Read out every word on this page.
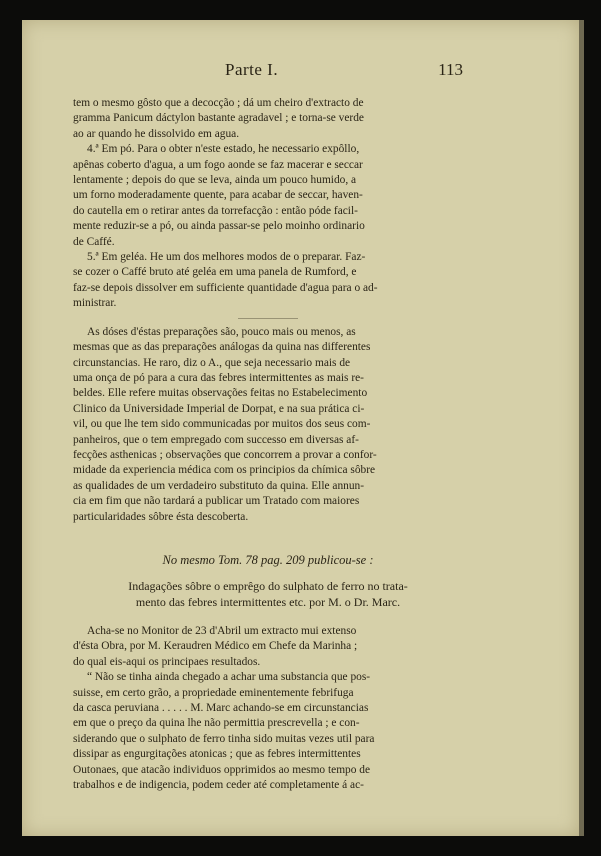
Parte I.	113

tem o mesmo gôsto que a decocção ; dá um cheiro d'extracto de
gramma Panicum dáctylon bastante agradavel ; e torna-se verde
ao ar quando he dissolvido em agua.

4.ª Em pó. Para o obter n'este estado, he necessario expôllo,
apênas coberto d'agua, a um fogo aonde se faz macerar e seccar
lentamente ; depois do que se leva, ainda um pouco humido, a
um forno moderadamente quente, para acabar de seccar, haven-
do cautella em o retirar antes da torrefacção : então póde facil-
mente reduzir-se a pó, ou ainda passar-se pelo moinho ordinario
de Caffé.

5.ª Em geléa. He um dos melhores modos de o preparar. Faz-
se cozer o Caffé bruto até geléa em uma panela de Rumford, e
faz-se depois dissolver em sufficiente quantidade d'agua para o ad-
ministrar.

As dóses d'éstas preparações são, pouco mais ou menos, as
mesmas que as das preparações análogas da quina nas differentes
circunstancias. He raro, diz o A., que seja necessario mais de
uma onça de pó para a cura das febres intermittentes as mais re-
beldes. Elle refere muitas observações feitas no Estabelecimento
Clinico da Universidade Imperial de Dorpat, e na sua prática ci-
vil, ou que lhe tem sido communicadas por muitos dos seus com-
panheiros, que o tem empregado com successo em diversas af-
fecções asthenicas ; observações que concorrem a provar a confor-
midade da experiencia médica com os principios da chímica sôbre
as qualidades de um verdadeiro substituto da quina. Elle annun-
cia em fim que não tardará a publicar um Tratado com maiores
particularidades sôbre ésta descoberta.

No mesmo Tom. 78 pag. 209 publicou-se :
Indagações sôbre o emprêgo do sulphato de ferro no trata-
mento das febres intermittentes etc. por M. o Dr. Marc.

Acha-se no Monitor de 23 d'Abril um extracto mui extenso
d'ésta Obra, por M. Keraudren Médico em Chefe da Marinha ;
do qual eis-aqui os principaes resultados.

“ Não se tinha ainda chegado a achar uma substancia que pos-
suisse, em certo grão, a propriedade eminentemente febrifuga
da casca peruviana . . . . . M. Marc achando-se em circunstancias
em que o preço da quina lhe não permittia prescrevella ; e con-
siderando que o sulphato de ferro tinha sido muitas vezes util para
dissipar as engurgitações atonicas ; que as febres intermittentes
Outonaes, que atacão individuos opprimidos ao mesmo tempo de
trabalhos e de indigencia, podem ceder até completamente á ac-
